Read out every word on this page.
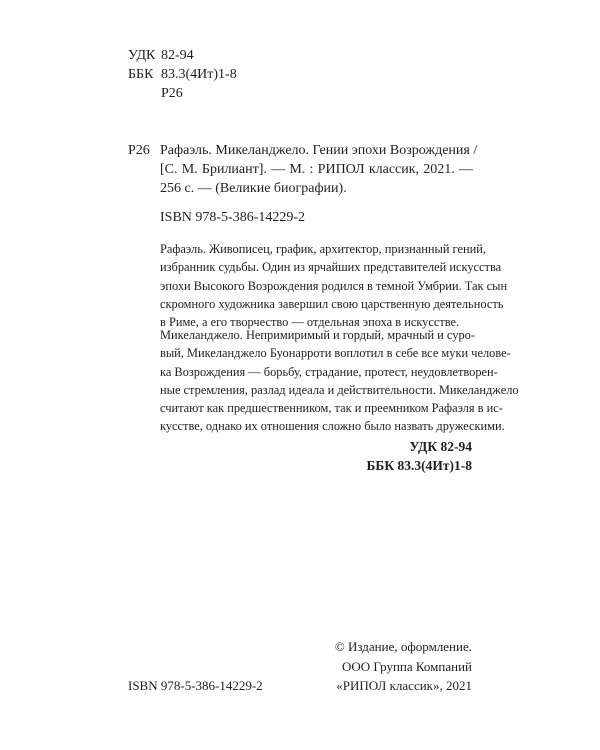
УДК 82-94
ББК 83.3(4Ит)1-8
Р26
Р26 Рафаэль. Микеланджело. Гении эпохи Возрождения /
[С. М. Брилиант]. — М. : РИПОЛ классик, 2021. —
256 с. — (Великие биографии).
ISBN 978-5-386-14229-2
Рафаэль. Живописец, график, архитектор, признанный гений,
избранник судьбы. Один из ярчайших представителей искусства
эпохи Высокого Возрождения родился в темной Умбрии. Так сын
скромного художника завершил свою царственную деятельность
в Риме, а его творчество — отдельная эпоха в искусстве.
Микеланджело. Непримиримый и гордый, мрачный и суро-
вый, Микеланджело Буонарроти воплотил в себе все муки челове-
ка Возрождения — борьбу, страдание, протест, неудовлетворен-
ные стремления, разлад идеала и действительности. Микеланджело
считают как предшественником, так и преемником Рафаэля в ис-
кусстве, однако их отношения сложно было назвать дружескими.
УДК 82-94
ББК 83.3(4Ит)1-8
© Издание, оформление.
ООО Группа Компаний
«РИПОЛ классик», 2021
ISBN 978-5-386-14229-2
